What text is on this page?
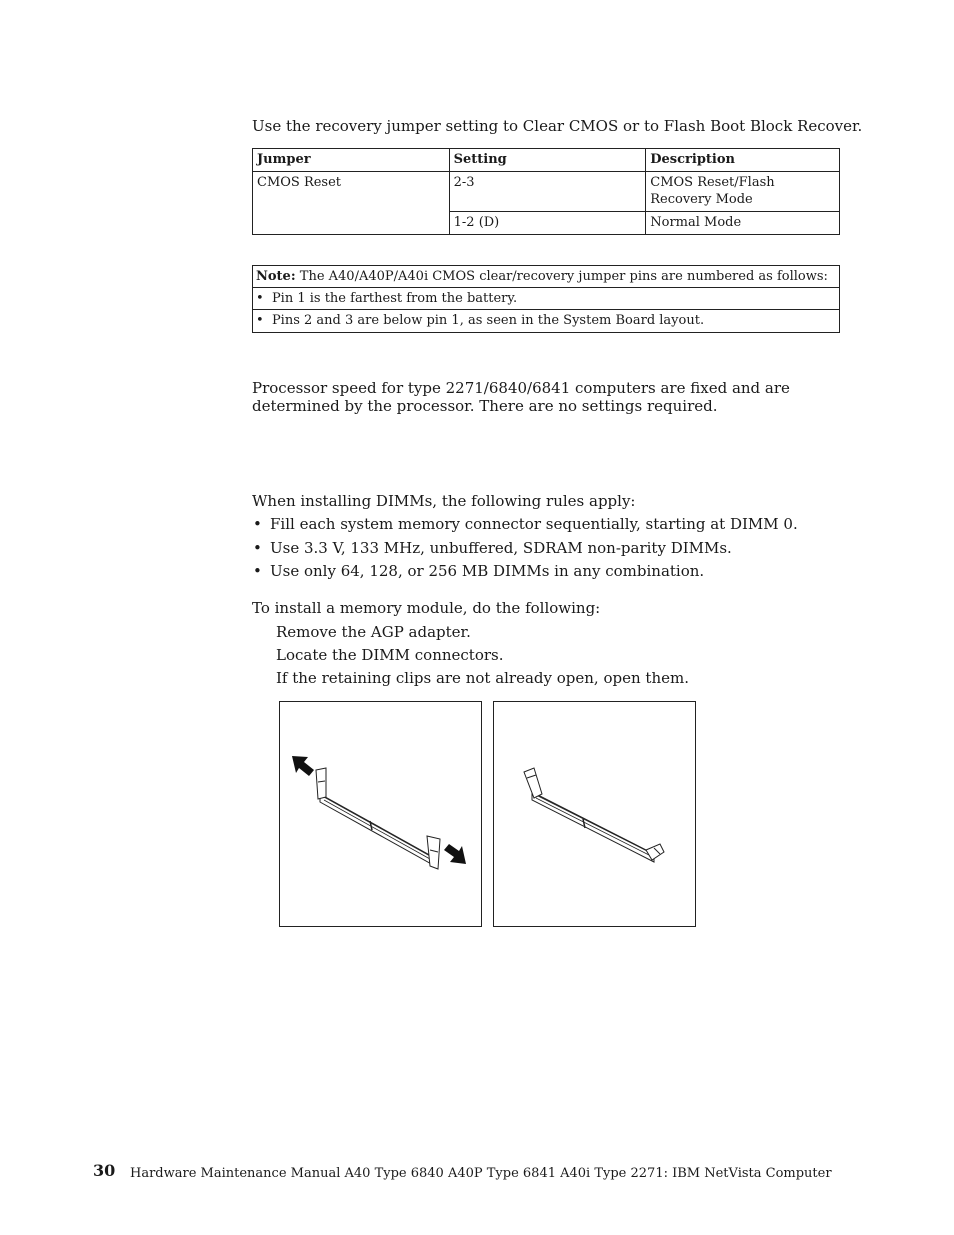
Use the recovery jumper setting to Clear CMOS or to Flash Boot Block Recover.
Jumper	Setting	Description
CMOS Reset	2-3	CMOS Reset/Flash Recovery Mode
	1-2 (D)	Normal Mode
Note: The A40/A40P/A40i CMOS clear/recovery jumper pins are numbered as follows:
• Pin 1 is the farthest from the battery.
• Pins 2 and 3 are below pin 1, as seen in the System Board layout.
Processor speed for type 2271/6840/6841 computers are fixed and are determined by the processor. There are no settings required.
When installing DIMMs, the following rules apply:
• Fill each system memory connector sequentially, starting at DIMM 0.
• Use 3.3 V, 133 MHz, unbuffered, SDRAM non-parity DIMMs.
• Use only 64, 128, or 256 MB DIMMs in any combination.
To install a memory module, do the following:
Remove the AGP adapter.
Locate the DIMM connectors.
If the retaining clips are not already open, open them.
30 Hardware Maintenance Manual A40 Type 6840 A40P Type 6841 A40i Type 2271: IBM NetVista Computer
